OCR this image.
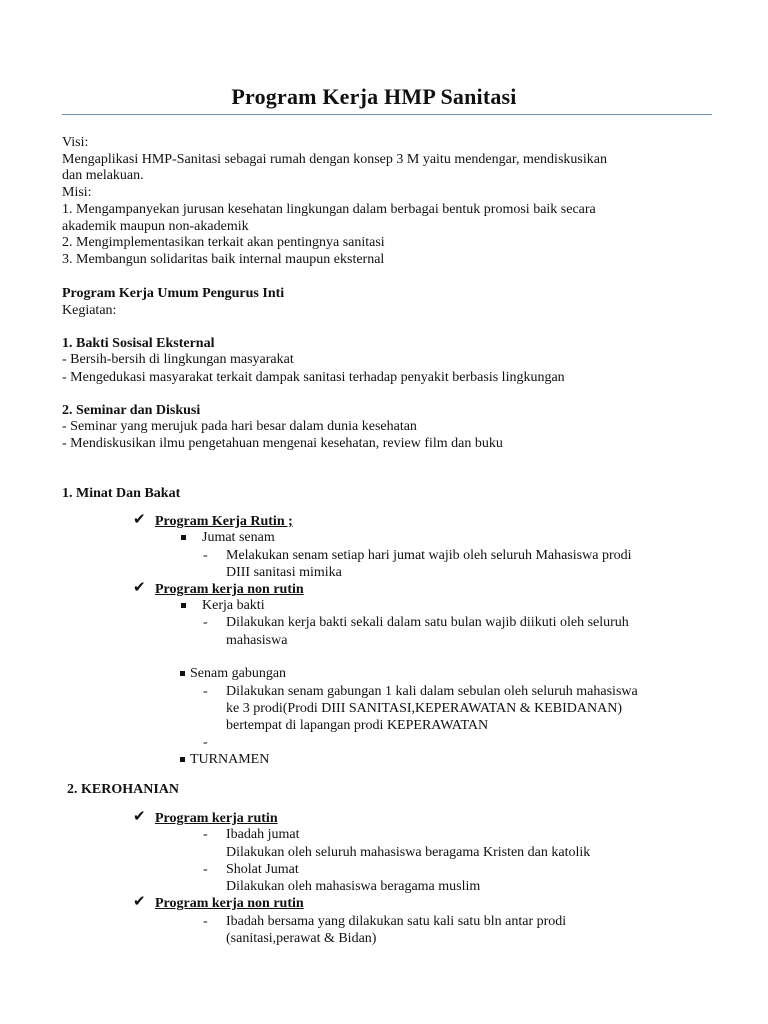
Program Kerja HMP Sanitasi
Visi:
Mengaplikasi HMP-Sanitasi sebagai rumah dengan konsep 3 M yaitu mendengar, mendiskusikan
dan melakuan.
Misi:
1. Mengampanyekan jurusan kesehatan lingkungan dalam berbagai bentuk promosi baik secara
akademik maupun non-akademik
2. Mengimplementasikan terkait akan pentingnya sanitasi
3. Membangun solidaritas baik internal maupun eksternal
Program Kerja Umum Pengurus Inti
Kegiatan:
1. Bakti Sosisal Eksternal
- Bersih-bersih di lingkungan masyarakat
- Mengedukasi masyarakat terkait dampak sanitasi terhadap penyakit berbasis lingkungan
2. Seminar dan Diskusi
- Seminar yang merujuk pada hari besar dalam dunia kesehatan
- Mendiskusikan ilmu pengetahuan mengenai kesehatan, review film dan buku
1. Minat Dan Bakat
✔ Program Kerja Rutin ;
Jumat senam
- Melakukan senam setiap hari jumat wajib oleh seluruh Mahasiswa prodi
DIII sanitasi mimika
✔ Program kerja non rutin
Kerja bakti
- Dilakukan kerja bakti sekali dalam satu bulan wajib diikuti oleh seluruh
mahasiswa
Senam gabungan
- Dilakukan senam gabungan 1 kali dalam sebulan oleh seluruh mahasiswa
ke 3 prodi(Prodi DIII SANITASI,KEPERAWATAN & KEBIDANAN)
bertempat di lapangan prodi KEPERAWATAN
-
TURNAMEN
2. KEROHANIAN
✔ Program kerja rutin
- Ibadah jumat
Dilakukan oleh seluruh mahasiswa beragama Kristen dan katolik
- Sholat Jumat
Dilakukan oleh mahasiswa beragama muslim
✔ Program kerja non rutin
- Ibadah bersama yang dilakukan satu kali satu bln antar prodi
(sanitasi,perawat & Bidan)
